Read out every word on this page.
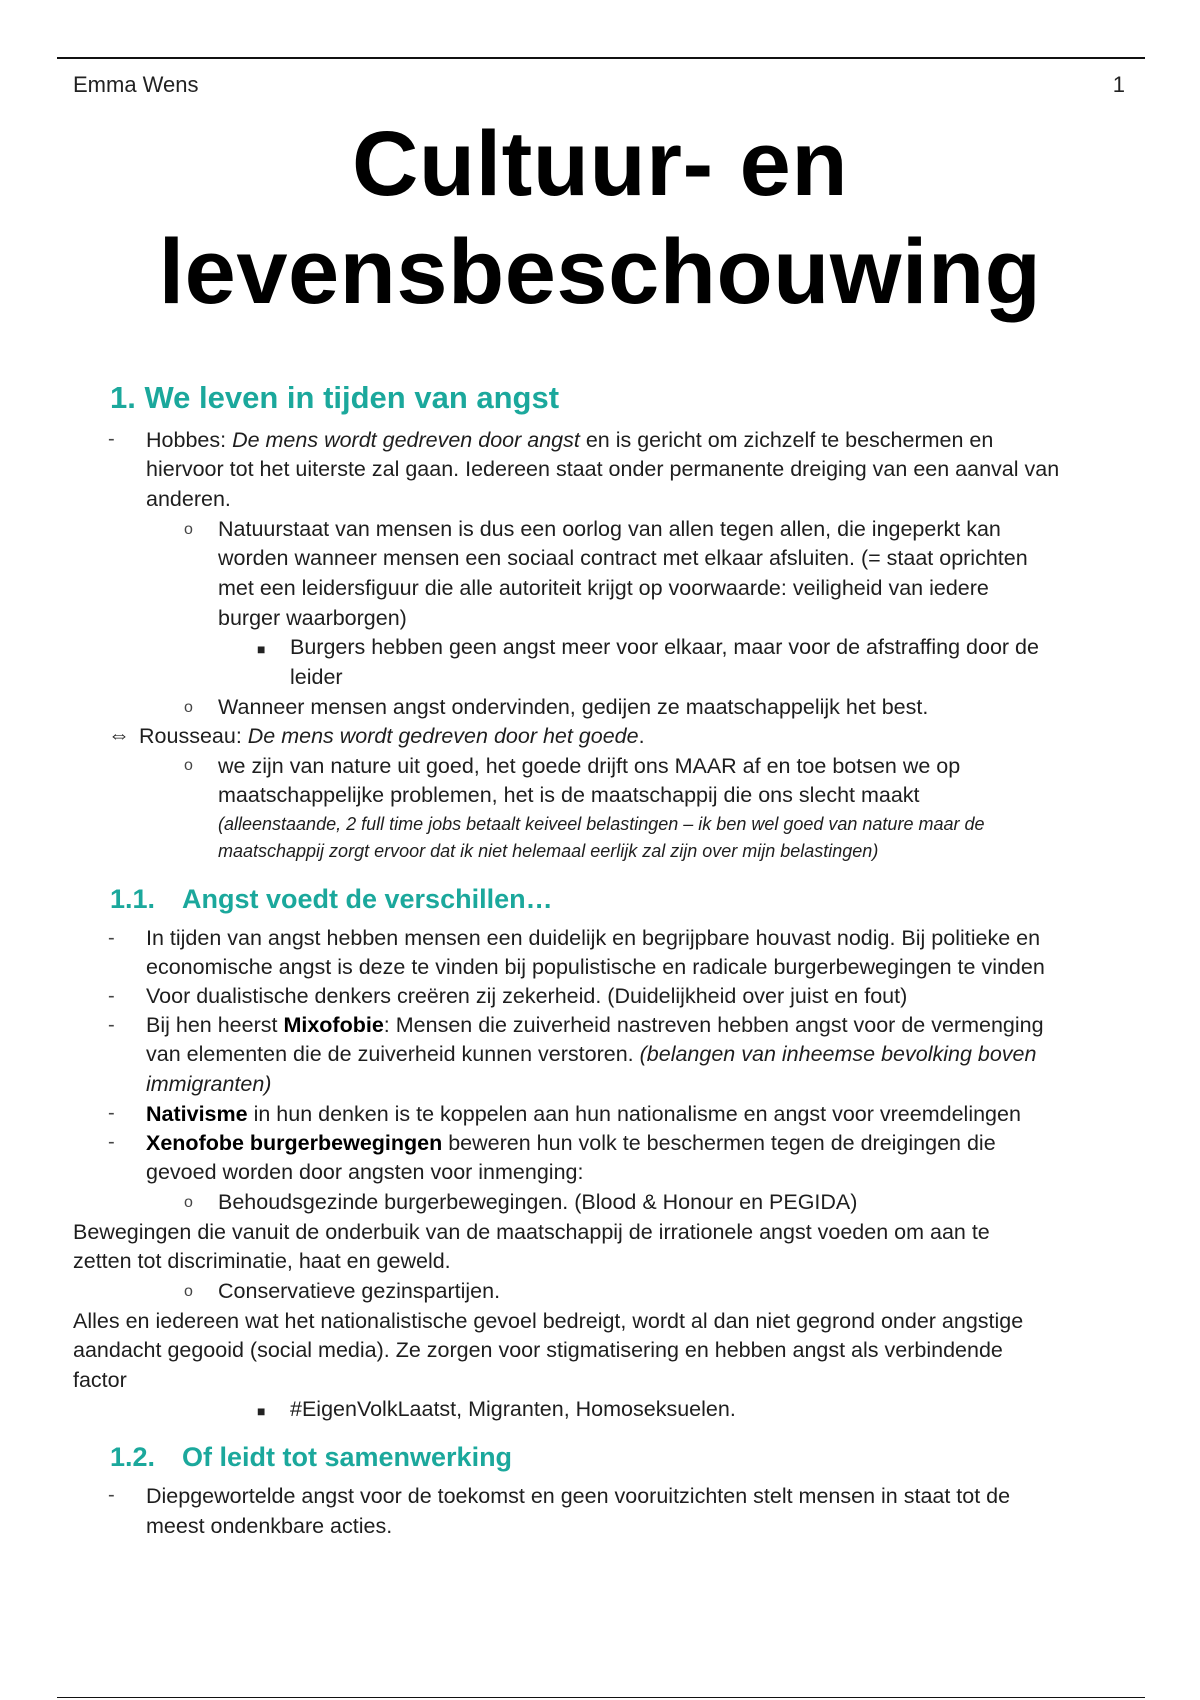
Emma Wens	1
Cultuur- en
levensbeschouwing
1. We leven in tijden van angst
- Hobbes: De mens wordt gedreven door angst en is gericht om zichzelf te beschermen en
hiervoor tot het uiterste zal gaan. Iedereen staat onder permanente dreiging van een aanval van
anderen.
o Natuurstaat van mensen is dus een oorlog van allen tegen allen, die ingeperkt kan
worden wanneer mensen een sociaal contract met elkaar afsluiten. (= staat oprichten
met een leidersfiguur die alle autoriteit krijgt op voorwaarde: veiligheid van iedere
burger waarborgen)
■ Burgers hebben geen angst meer voor elkaar, maar voor de afstraffing door de
leider
o Wanneer mensen angst ondervinden, gedijen ze maatschappelijk het best.
⇔ Rousseau: De mens wordt gedreven door het goede.
o we zijn van nature uit goed, het goede drijft ons MAAR af en toe botsen we op
maatschappelijke problemen, het is de maatschappij die ons slecht maakt
(alleenstaande, 2 full time jobs betaalt keiveel belastingen – ik ben wel goed van nature maar de
maatschappij zorgt ervoor dat ik niet helemaal eerlijk zal zijn over mijn belastingen)
1.1. Angst voedt de verschillen…
- In tijden van angst hebben mensen een duidelijk en begrijpbare houvast nodig. Bij politieke en
economische angst is deze te vinden bij populistische en radicale burgerbewegingen te vinden
- Voor dualistische denkers creëren zij zekerheid. (Duidelijkheid over juist en fout)
- Bij hen heerst Mixofobie: Mensen die zuiverheid nastreven hebben angst voor de vermenging
van elementen die de zuiverheid kunnen verstoren. (belangen van inheemse bevolking boven
immigranten)
- Nativisme in hun denken is te koppelen aan hun nationalisme en angst voor vreemdelingen
- Xenofobe burgerbewegingen beweren hun volk te beschermen tegen de dreigingen die
gevoed worden door angsten voor inmenging:
o Behoudsgezinde burgerbewegingen. (Blood & Honour en PEGIDA)
Bewegingen die vanuit de onderbuik van de maatschappij de irrationele angst voeden om aan te
zetten tot discriminatie, haat en geweld.
o Conservatieve gezinspartijen.
Alles en iedereen wat het nationalistische gevoel bedreigt, wordt al dan niet gegrond onder angstige
aandacht gegooid (social media). Ze zorgen voor stigmatisering en hebben angst als verbindende
factor
■ #EigenVolkLaatst, Migranten, Homoseksuelen.
1.2. Of leidt tot samenwerking
- Diepgewortelde angst voor de toekomst en geen vooruitzichten stelt mensen in staat tot de
meest ondenkbare acties.
